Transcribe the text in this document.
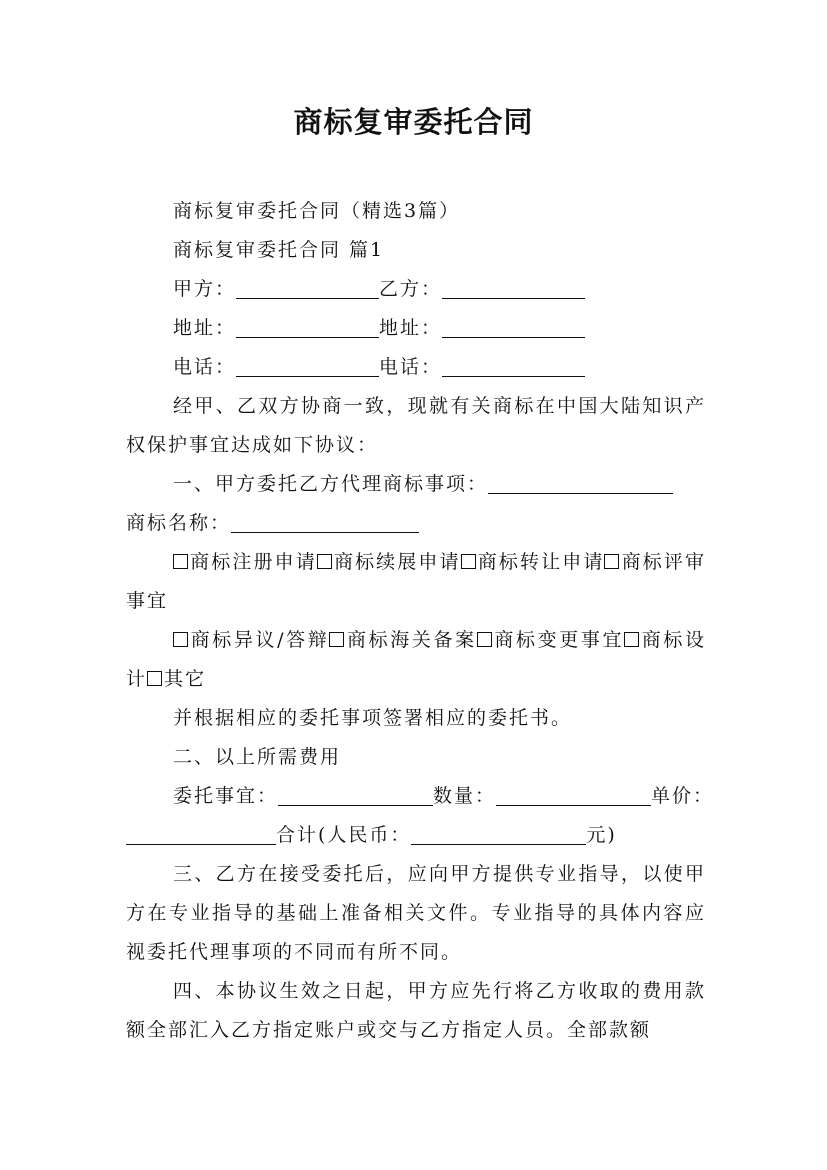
商标复审委托合同

商标复审委托合同（精选3篇）

商标复审委托合同 篇1

甲方：	乙方：

地址：	地址：

电话：	电话：

经甲、乙双方协商一致，现就有关商标在中国大陆知识产权保护事宜达成如下协议：

一、甲方委托乙方代理商标事项：

商标名称：

商标注册申请 商标续展申请 商标转让申请 商标评审事宜

商标异议/答辩 商标海关备案 商标变更事宜 商标设计 其它

并根据相应的委托事项签署相应的委托书。

二、以上所需费用

委托事宜：	数量：	单价：

合计(人民币：	元)

三、乙方在接受委托后，应向甲方提供专业指导，以使甲方在专业指导的基础上准备相关文件。专业指导的具体内容应视委托代理事项的不同而有所不同。

四、本协议生效之日起，甲方应先行将乙方收取的费用款额全部汇入乙方指定账户或交与乙方指定人员。全部款额
